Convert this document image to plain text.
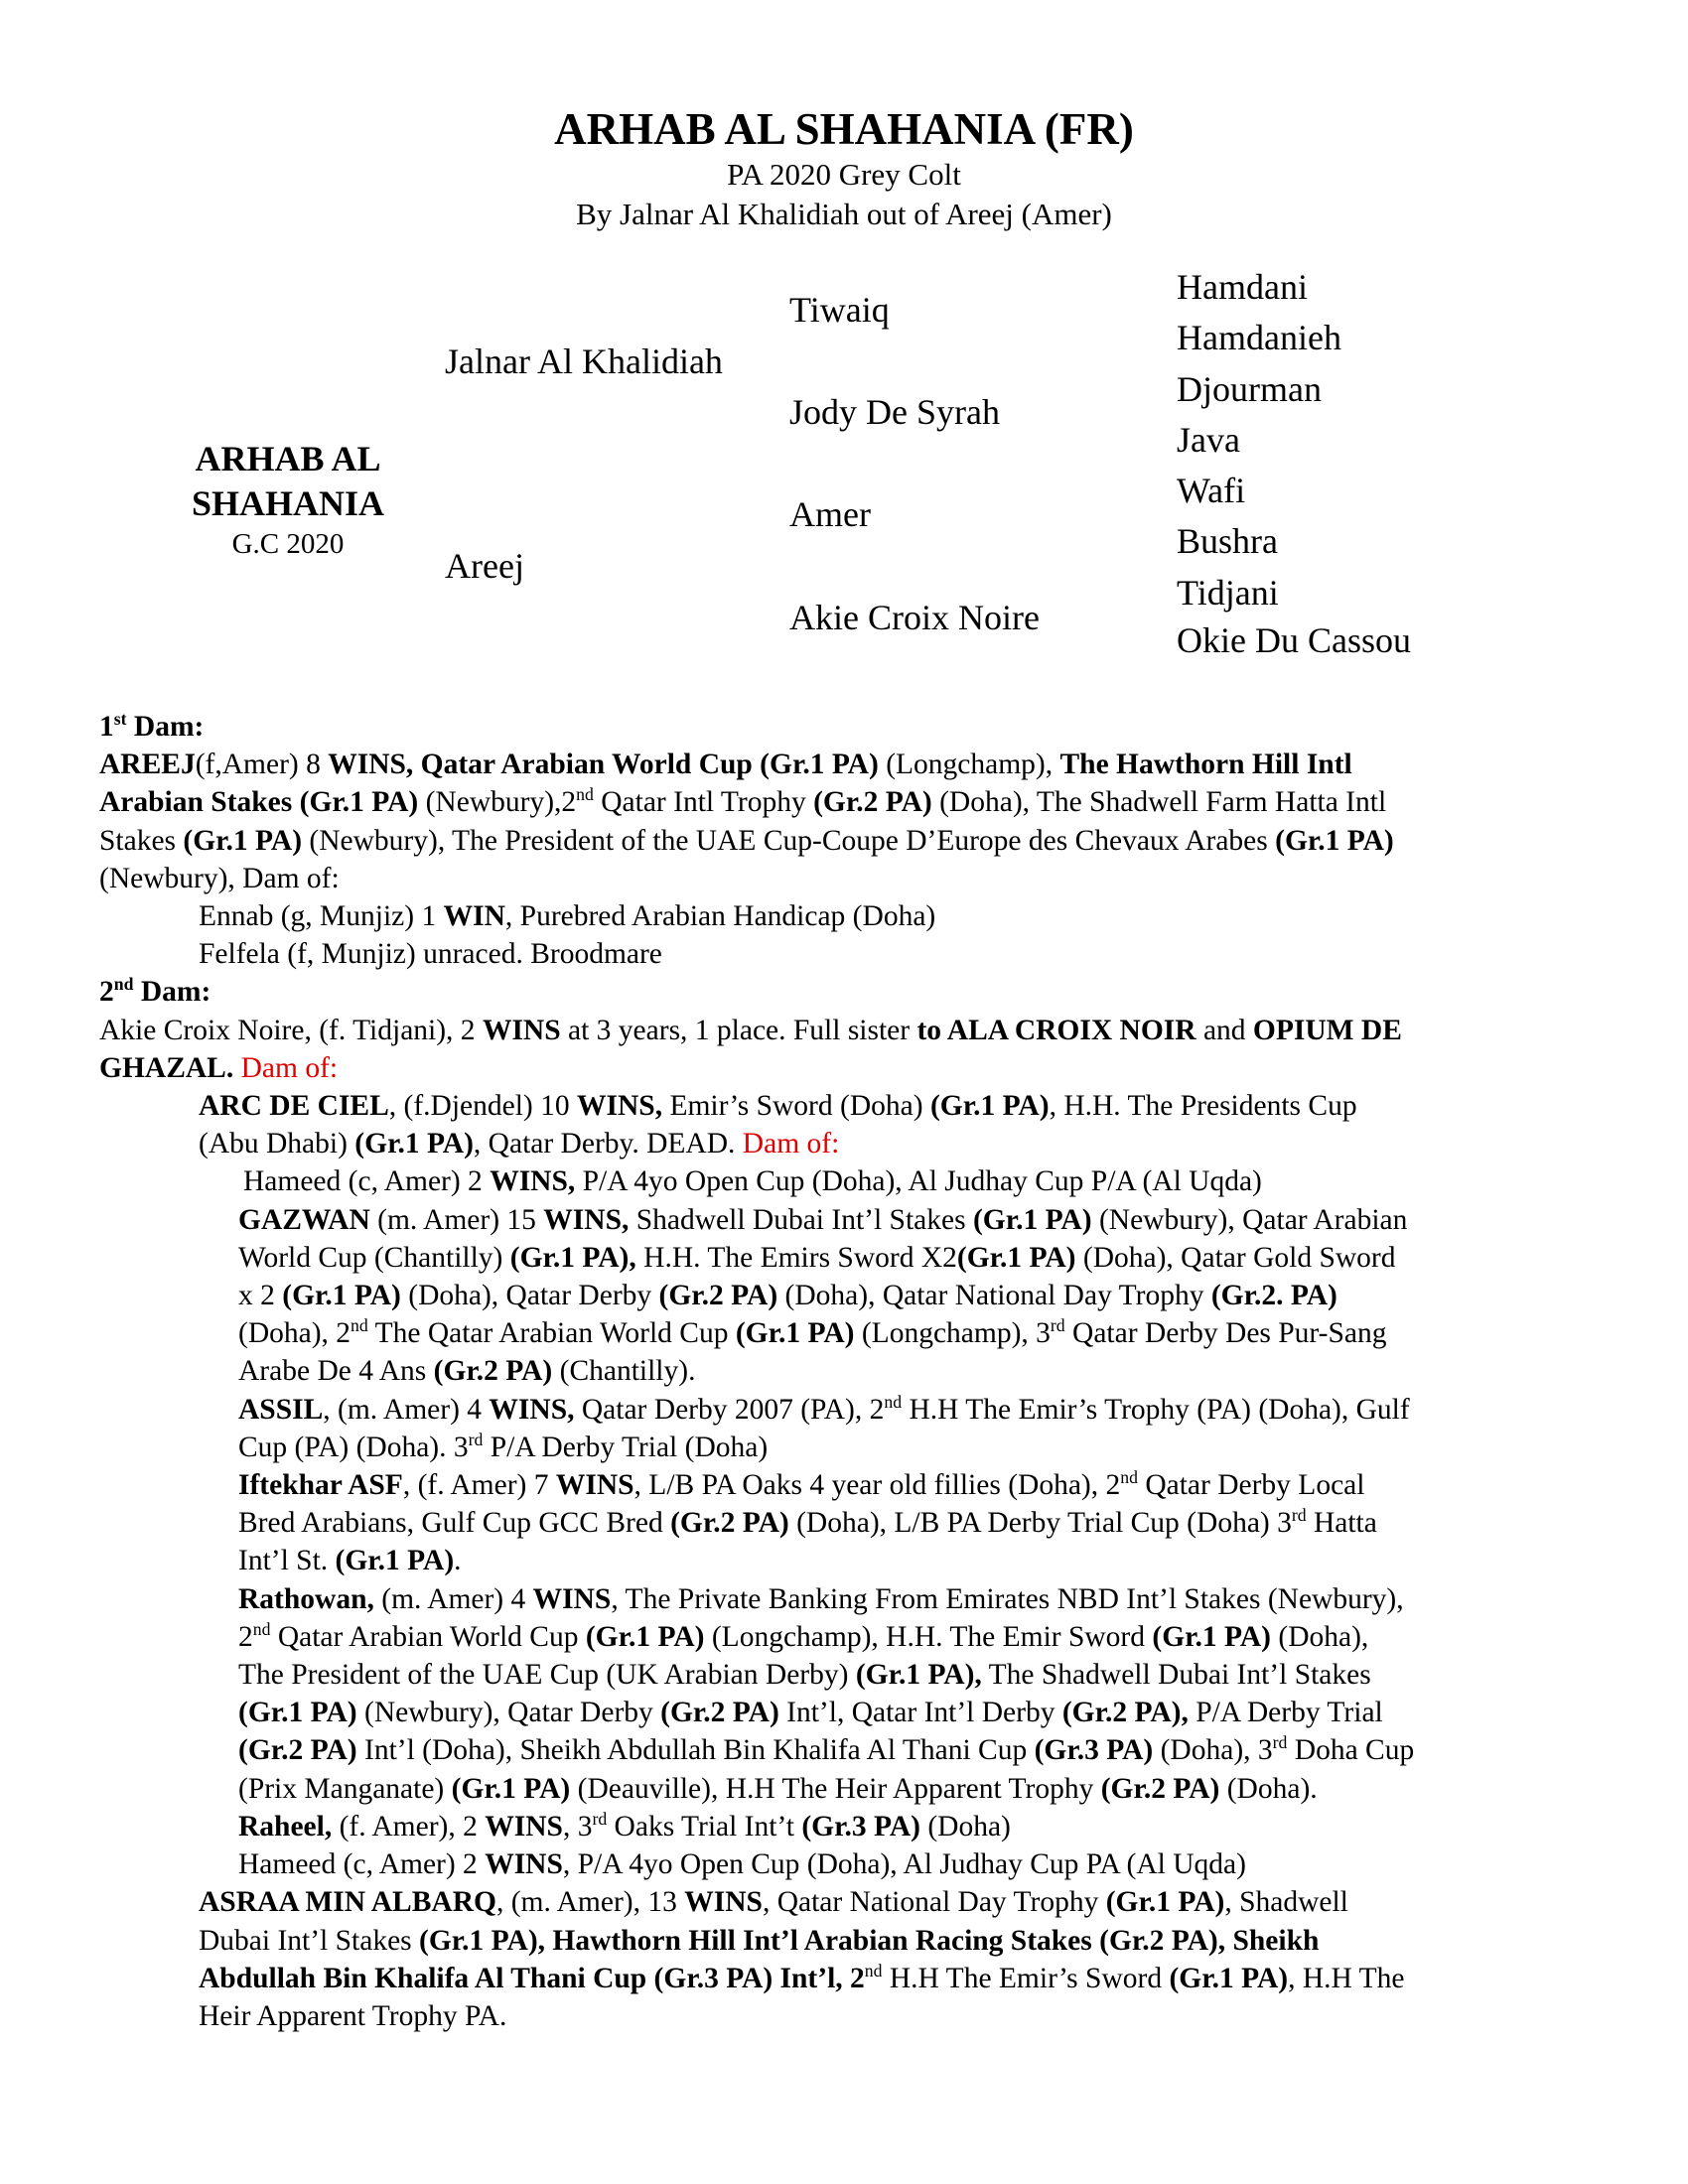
ARHAB AL SHAHANIA (FR)
PA 2020 Grey Colt
By Jalnar Al Khalidiah out of Areej (Amer)
ARHAB AL
SHAHANIA
G.C 2020
Jalnar Al Khalidiah
Areej
Tiwaiq
Jody De Syrah
Amer
Akie Croix Noire
Hamdani
Hamdanieh
Djourman
Java
Wafi
Bushra
Tidjani
Okie Du Cassou
1st Dam:
AREEJ(f,Amer) 8 WINS, Qatar Arabian World Cup (Gr.1 PA) (Longchamp), The Hawthorn Hill Intl
Arabian Stakes (Gr.1 PA) (Newbury),2nd Qatar Intl Trophy (Gr.2 PA) (Doha), The Shadwell Farm Hatta Intl
Stakes (Gr.1 PA) (Newbury), The President of the UAE Cup-Coupe D’Europe des Chevaux Arabes (Gr.1 PA)
(Newbury), Dam of:
Ennab (g, Munjiz) 1 WIN, Purebred Arabian Handicap (Doha)
Felfela (f, Munjiz) unraced. Broodmare
2nd Dam:
Akie Croix Noire, (f. Tidjani), 2 WINS at 3 years, 1 place. Full sister to ALA CROIX NOIR and OPIUM DE
GHAZAL. Dam of:
ARC DE CIEL, (f.Djendel) 10 WINS, Emir’s Sword (Doha) (Gr.1 PA), H.H. The Presidents Cup
(Abu Dhabi) (Gr.1 PA), Qatar Derby. DEAD. Dam of:
Hameed (c, Amer) 2 WINS, P/A 4yo Open Cup (Doha), Al Judhay Cup P/A (Al Uqda)
GAZWAN (m. Amer) 15 WINS, Shadwell Dubai Int’l Stakes (Gr.1 PA) (Newbury), Qatar Arabian
World Cup (Chantilly) (Gr.1 PA), H.H. The Emirs Sword X2(Gr.1 PA) (Doha), Qatar Gold Sword
x 2 (Gr.1 PA) (Doha), Qatar Derby (Gr.2 PA) (Doha), Qatar National Day Trophy (Gr.2. PA)
(Doha), 2nd The Qatar Arabian World Cup (Gr.1 PA) (Longchamp), 3rd Qatar Derby Des Pur-Sang
Arabe De 4 Ans (Gr.2 PA) (Chantilly).
ASSIL, (m. Amer) 4 WINS, Qatar Derby 2007 (PA), 2nd H.H The Emir’s Trophy (PA) (Doha), Gulf
Cup (PA) (Doha). 3rd P/A Derby Trial (Doha)
Iftekhar ASF, (f. Amer) 7 WINS, L/B PA Oaks 4 year old fillies (Doha), 2nd Qatar Derby Local
Bred Arabians, Gulf Cup GCC Bred (Gr.2 PA) (Doha), L/B PA Derby Trial Cup (Doha) 3rd Hatta
Int’l St. (Gr.1 PA).
Rathowan, (m. Amer) 4 WINS, The Private Banking From Emirates NBD Int’l Stakes (Newbury),
2nd Qatar Arabian World Cup (Gr.1 PA) (Longchamp), H.H. The Emir Sword (Gr.1 PA) (Doha),
The President of the UAE Cup (UK Arabian Derby) (Gr.1 PA), The Shadwell Dubai Int’l Stakes
(Gr.1 PA) (Newbury), Qatar Derby (Gr.2 PA) Int’l, Qatar Int’l Derby (Gr.2 PA), P/A Derby Trial
(Gr.2 PA) Int’l (Doha), Sheikh Abdullah Bin Khalifa Al Thani Cup (Gr.3 PA) (Doha), 3rd Doha Cup
(Prix Manganate) (Gr.1 PA) (Deauville), H.H The Heir Apparent Trophy (Gr.2 PA) (Doha).
Raheel, (f. Amer), 2 WINS, 3rd Oaks Trial Int’t (Gr.3 PA) (Doha)
Hameed (c, Amer) 2 WINS, P/A 4yo Open Cup (Doha), Al Judhay Cup PA (Al Uqda)
ASRAA MIN ALBARQ, (m. Amer), 13 WINS, Qatar National Day Trophy (Gr.1 PA), Shadwell
Dubai Int’l Stakes (Gr.1 PA), Hawthorn Hill Int’l Arabian Racing Stakes (Gr.2 PA), Sheikh
Abdullah Bin Khalifa Al Thani Cup (Gr.3 PA) Int’l, 2nd H.H The Emir’s Sword (Gr.1 PA), H.H The
Heir Apparent Trophy PA.
